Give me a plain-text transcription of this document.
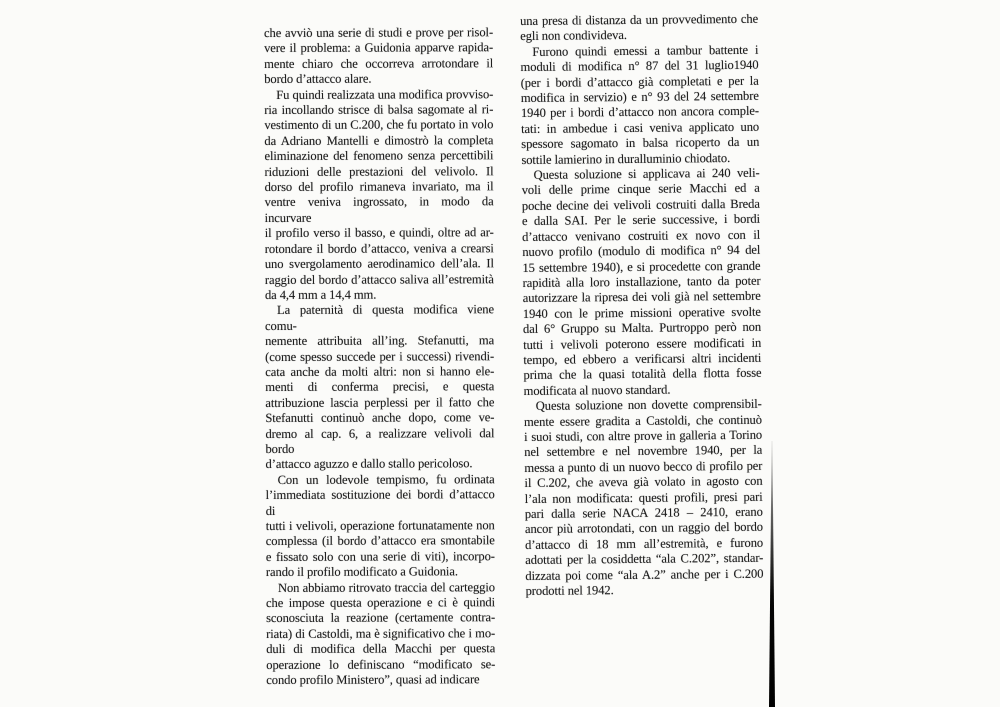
che avviò una serie di studi e prove per risol-
vere il problema: a Guidonia apparve rapida-
mente chiaro che occorreva arrotondare il
bordo d’attacco alare.
Fu quindi realizzata una modifica provviso-
ria incollando strisce di balsa sagomate al ri-
vestimento di un C.200, che fu portato in volo
da Adriano Mantelli e dimostrò la completa
eliminazione del fenomeno senza percettibili
riduzioni delle prestazioni del velivolo. Il
dorso del profilo rimaneva invariato, ma il
ventre veniva ingrossato, in modo da incurvare
il profilo verso il basso, e quindi, oltre ad ar-
rotondare il bordo d’attacco, veniva a crearsi
uno svergolamento aerodinamico dell’ala. Il
raggio del bordo d’attacco saliva all’estremità
da 4,4 mm a 14,4 mm.
La paternità di questa modifica viene comu-
nemente attribuita all’ing. Stefanutti, ma
(come spesso succede per i successi) rivendi-
cata anche da molti altri: non si hanno ele-
menti di conferma precisi, e questa
attribuzione lascia perplessi per il fatto che
Stefanutti continuò anche dopo, come ve-
dremo al cap. 6, a realizzare velivoli dal bordo
d’attacco aguzzo e dallo stallo pericoloso.
Con un lodevole tempismo, fu ordinata
l’immediata sostituzione dei bordi d’attacco di
tutti i velivoli, operazione fortunatamente non
complessa (il bordo d’attacco era smontabile
e fissato solo con una serie di viti), incorpo-
rando il profilo modificato a Guidonia.
Non abbiamo ritrovato traccia del carteggio
che impose questa operazione e ci è quindi
sconosciuta la reazione (certamente contra-
riata) di Castoldi, ma è significativo che i mo-
duli di modifica della Macchi per questa
operazione lo definiscano “modificato se-
condo profilo Ministero”, quasi ad indicare
una presa di distanza da un provvedimento che
egli non condivideva.
Furono quindi emessi a tambur battente i
moduli di modifica n° 87 del 31 luglio1940
(per i bordi d’attacco già completati e per la
modifica in servizio) e n° 93 del 24 settembre
1940 per i bordi d’attacco non ancora comple-
tati: in ambedue i casi veniva applicato uno
spessore sagomato in balsa ricoperto da un
sottile lamierino in duralluminio chiodato.
Questa soluzione si applicava ai 240 veli-
voli delle prime cinque serie Macchi ed a
poche decine dei velivoli costruiti dalla Breda
e dalla SAI. Per le serie successive, i bordi
d’attacco venivano costruiti ex novo con il
nuovo profilo (modulo di modifica n° 94 del
15 settembre 1940), e si procedette con grande
rapidità alla loro installazione, tanto da poter
autorizzare la ripresa dei voli già nel settembre
1940 con le prime missioni operative svolte
dal 6° Gruppo su Malta. Purtroppo però non
tutti i velivoli poterono essere modificati in
tempo, ed ebbero a verificarsi altri incidenti
prima che la quasi totalità della flotta fosse
modificata al nuovo standard.
Questa soluzione non dovette comprensibil-
mente essere gradita a Castoldi, che continuò
i suoi studi, con altre prove in galleria a Torino
nel settembre e nel novembre 1940, per la
messa a punto di un nuovo becco di profilo per
il C.202, che aveva già volato in agosto con
l’ala non modificata: questi profili, presi pari
pari dalla serie NACA 2418 – 2410, erano
ancor più arrotondati, con un raggio del bordo
d’attacco di 18 mm all’estremità, e furono
adottati per la cosiddetta “ala C.202”, standar-
dizzata poi come “ala A.2” anche per i C.200
prodotti nel 1942.
